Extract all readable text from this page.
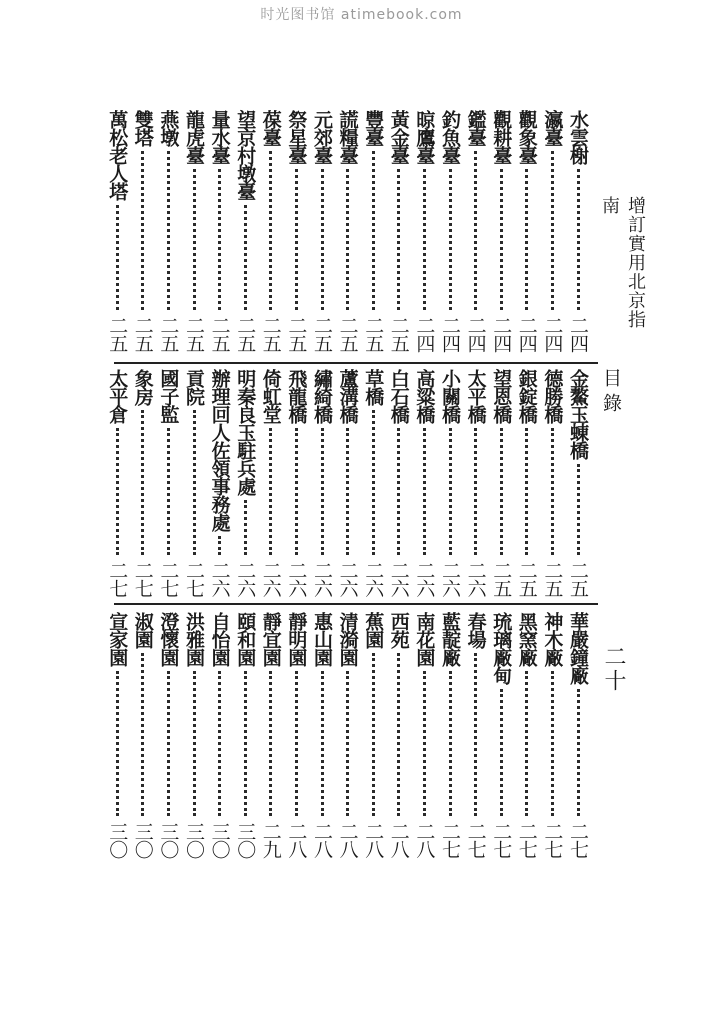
时光图书馆 atimebook.com
增訂實用北京指南
目錄
二十
水雲榭
二四
瀛臺
二四
觀象臺
二四
觀耕臺
二四
鑑臺
二四
釣魚臺
二四
晾鷹臺
二四
黃金臺
二五
豐臺
二五
謊糧臺
二五
元郊臺
二五
祭星臺
二五
葆臺
二五
望京村墩臺
二五
量水臺
二五
龍虎臺
二五
燕墩
二五
雙塔
二五
萬松老人塔
二五
金鰲玉蝀橋
二五
德勝橋
二五
銀錠橋
二五
望恩橋
二五
太平橋
二六
小關橋
二六
高粱橋
二六
白石橋
二六
草橋
二六
蘆溝橋
二六
繡綺橋
二六
飛龍橋
二六
倚虹堂
二六
明秦良玉駐兵處
二六
辦理回人佐領事務處
二六
貢院
二七
國子監
二七
象房
二七
太平倉
二七
華嚴鐘廠
二七
神木廠
二七
黑窯廠
二七
琉璃廠甸
二七
春場
二七
藍靛廠
二七
南花園
二八
西苑
二八
蕉園
二八
清漪園
二八
惠山園
二八
靜明園
二八
靜宜園
二九
頤和園
三〇
自怡園
三〇
洪雅園
三〇
澄懷園
三〇
淑園
三〇
宣家園
三〇
